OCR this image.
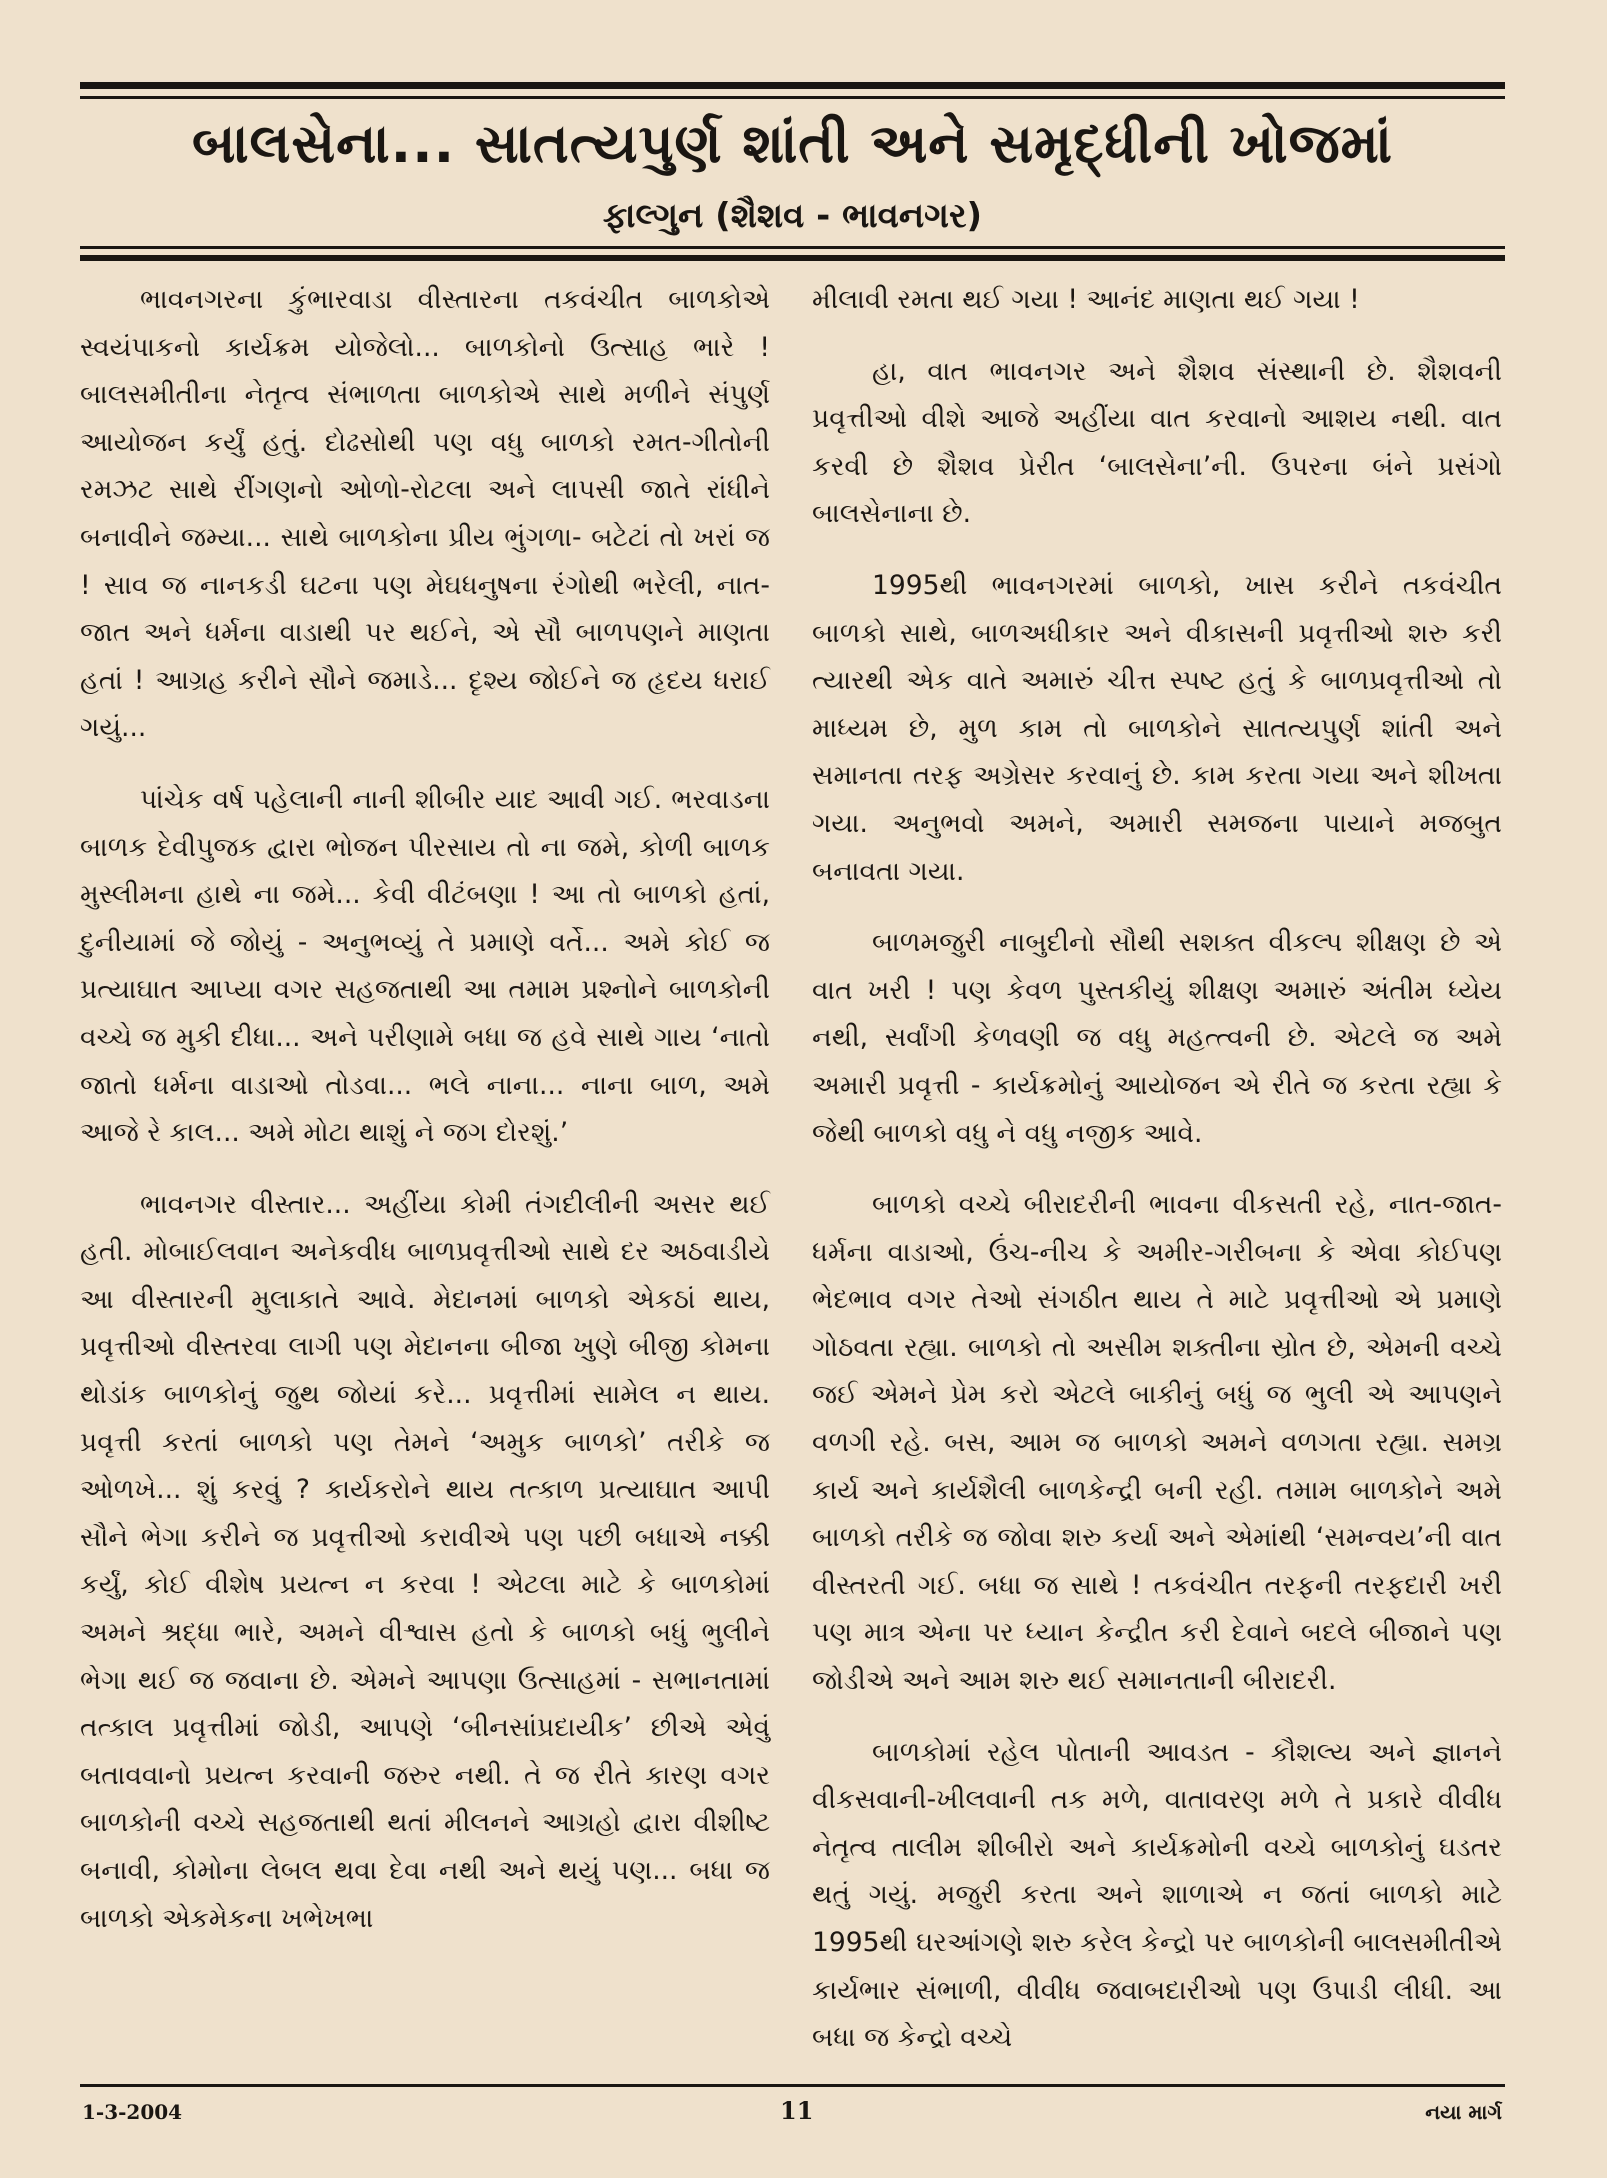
બાલસેના... સાતત્યપુર્ણ શાંતી અને સમૃદ્ધીની ખોજમાં
ફાલ્ગુન (શૈશવ - ભાવનગર)

ભાવનગરના કુંભારવાડા વીસ્તારના તકવંચીત બાળકોએ સ્વયંપાકનો કાર્યક્રમ યોજેલો... બાળકોનો ઉત્સાહ ભારે ! બાલસમીતીના નેતૃત્વ સંભાળતા બાળકોએ સાથે મળીને સંપુર્ણ આયોજન કર્યું હતું. દોઢસોથી પણ વધુ બાળકો રમત-ગીતોની રમઝટ સાથે રીંગણનો ઓળો-રોટલા અને લાપસી જાતે રાંધીને બનાવીને જમ્યા... સાથે બાળકોના પ્રીય ભુંગળા- બટેટાં તો ખરાં જ ! સાવ જ નાનકડી ઘટના પણ મેઘધનુષના રંગોથી ભરેલી, નાત-જાત અને ધર્મના વાડાથી પર થઈને, એ સૌ બાળપણને માણતા હતાં ! આગ્રહ કરીને સૌને જમાડે... દૃશ્ય જોઈને જ હૃદય ધરાઈ ગયું...

પાંચેક વર્ષ પહેલાની નાની શીબીર યાદ આવી ગઈ. ભરવાડના બાળક દેવીપુજક દ્વારા ભોજન પીરસાય તો ના જમે, કોળી બાળક મુસ્લીમના હાથે ના જમે... કેવી વીટંબણા ! આ તો બાળકો હતાં, દુનીયામાં જે જોયું - અનુભવ્યું તે પ્રમાણે વર્તે... અમે કોઈ જ પ્રત્યાઘાત આપ્યા વગર સહજતાથી આ તમામ પ્રશ્નોને બાળકોની વચ્ચે જ મુકી દીધા... અને પરીણામે બધા જ હવે સાથે ગાય ‘નાતો જાતો ધર્મના વાડાઓ તોડવા... ભલે નાના... નાના બાળ, અમે આજે રે કાલ... અમે મોટા થાશું ને જગ દોરશું.’

ભાવનગર વીસ્તાર... અહીંયા કોમી તંગદીલીની અસર થઈ હતી. મોબાઈલવાન અનેકવીધ બાળપ્રવૃત્તીઓ સાથે દર અઠવાડીયે આ વીસ્તારની મુલાકાતે આવે. મેદાનમાં બાળકો એકઠાં થાય, પ્રવૃત્તીઓ વીસ્તરવા લાગી પણ મેદાનના બીજા ખુણે બીજી કોમના થોડાંક બાળકોનું જુથ જોયાં કરે... પ્રવૃત્તીમાં સામેલ ન થાય. પ્રવૃત્તી કરતાં બાળકો પણ તેમને ‘અમુક બાળકો’ તરીકે જ ઓળખે... શું કરવું ? કાર્યકરોને થાય તત્કાળ પ્રત્યાઘાત આપી સૌને ભેગા કરીને જ પ્રવૃત્તીઓ કરાવીએ પણ પછી બધાએ નક્કી કર્યું, કોઈ વીશેષ પ્રયત્ન ન કરવા ! એટલા માટે કે બાળકોમાં અમને શ્રદ્ધા ભારે, અમને વીશ્વાસ હતો કે બાળકો બધું ભુલીને ભેગા થઈ જ જવાના છે. એમને આપણા ઉત્સાહમાં - સભાનતામાં તત્કાલ પ્રવૃત્તીમાં જોડી, આપણે ‘બીનસાંપ્રદાયીક’ છીએ એવું બતાવવાનો પ્રયત્ન કરવાની જરુર નથી. તે જ રીતે કારણ વગર બાળકોની વચ્ચે સહજતાથી થતાં મીલનને આગ્રહો દ્વારા વીશીષ્ટ બનાવી, કોમોના લેબલ થવા દેવા નથી અને થયું પણ... બધા જ બાળકો એકમેકના ખભેખભા

મીલાવી રમતા થઈ ગયા ! આનંદ માણતા થઈ ગયા !

હા, વાત ભાવનગર અને શૈશવ સંસ્થાની છે. શૈશવની પ્રવૃત્તીઓ વીશે આજે અહીંયા વાત કરવાનો આશય નથી. વાત કરવી છે શૈશવ પ્રેરીત ‘બાલસેના’ની. ઉપરના બંને પ્રસંગો બાલસેનાના છે.

1995થી ભાવનગરમાં બાળકો, ખાસ કરીને તકવંચીત બાળકો સાથે, બાળઅધીકાર અને વીકાસની પ્રવૃત્તીઓ શરુ કરી ત્યારથી એક વાતે અમારું ચીત્ત સ્પષ્ટ હતું કે બાળપ્રવૃત્તીઓ તો માધ્યમ છે, મુળ કામ તો બાળકોને સાતત્યપુર્ણ શાંતી અને સમાનતા તરફ અગ્રેસર કરવાનું છે. કામ કરતા ગયા અને શીખતા ગયા. અનુભવો અમને, અમારી સમજના પાયાને મજબુત બનાવતા ગયા.

બાળમજુરી નાબુદીનો સૌથી સશક્ત વીકલ્પ શીક્ષણ છે એ વાત ખરી ! પણ કેવળ પુસ્તકીયું શીક્ષણ અમારું અંતીમ ધ્યેય નથી, સર્વાંગી કેળવણી જ વધુ મહત્ત્વની છે. એટલે જ અમે અમારી પ્રવૃત્તી - કાર્યક્રમોનું આયોજન એ રીતે જ કરતા રહ્યા કે જેથી બાળકો વધુ ને વધુ નજીક આવે.

બાળકો વચ્ચે બીરાદરીની ભાવના વીકસતી રહે, નાત-જાત-ધર્મના વાડાઓ, ઉંચ-નીચ કે અમીર-ગરીબના કે એવા કોઈપણ ભેદભાવ વગર તેઓ સંગઠીત થાય તે માટે પ્રવૃત્તીઓ એ પ્રમાણે ગોઠવતા રહ્યા. બાળકો તો અસીમ શક્તીના સ્રોત છે, એમની વચ્ચે જઈ એમને પ્રેમ કરો એટલે બાકીનું બધું જ ભુલી એ આપણને વળગી રહે. બસ, આમ જ બાળકો અમને વળગતા રહ્યા. સમગ્ર કાર્ય અને કાર્યશૈલી બાળકેન્દ્રી બની રહી. તમામ બાળકોને અમે બાળકો તરીકે જ જોવા શરુ કર્યા અને એમાંથી ‘સમન્વય’ની વાત વીસ્તરતી ગઈ. બધા જ સાથે ! તકવંચીત તરફની તરફદારી ખરી પણ માત્ર એના પર ધ્યાન કેન્દ્રીત કરી દેવાને બદલે બીજાને પણ જોડીએ અને આમ શરુ થઈ સમાનતાની બીરાદરી.

બાળકોમાં રહેલ પોતાની આવડત - કૌશલ્ય અને જ્ઞાનને વીકસવાની-ખીલવાની તક મળે, વાતાવરણ મળે તે પ્રકારે વીવીધ નેતૃત્વ તાલીમ શીબીરો અને કાર્યક્રમોની વચ્ચે બાળકોનું ઘડતર થતું ગયું. મજુરી કરતા અને શાળાએ ન જતાં બાળકો માટે 1995થી ઘરઆંગણે શરુ કરેલ કેન્દ્રો પર બાળકોની બાલસમીતીએ કાર્યભાર સંભાળી, વીવીધ જવાબદારીઓ પણ ઉપાડી લીધી. આ બધા જ કેન્દ્રો વચ્ચે

1-3-2004	11	નયા માર્ગ
